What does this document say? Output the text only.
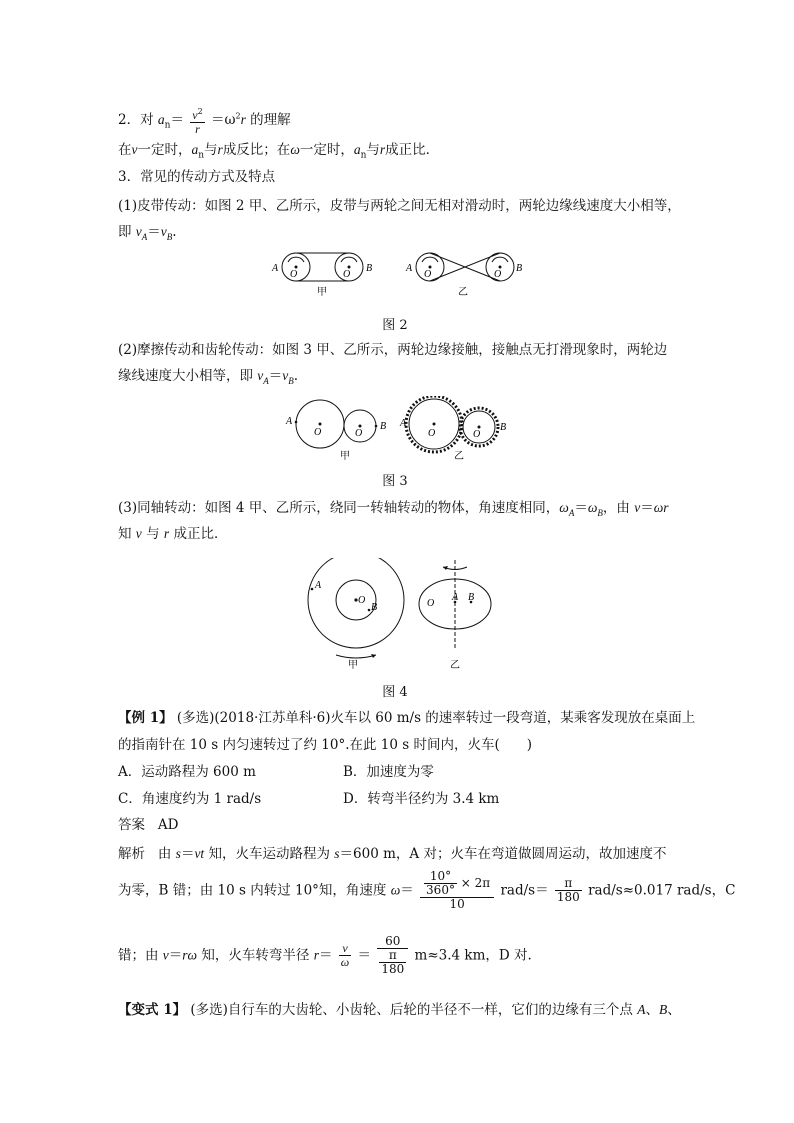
2．对 $a_n= \frac{v^2}{r} =\omega^2r$ 的理解
在v一定时，$a_n$与r成反比；在ω一定时，$a_n$与r成正比．
3．常见的传动方式及特点
(1)皮带传动：如图 2 甲、乙所示，皮带与两轮之间无相对滑动时，两轮边缘线速度大小相等，
即 $v_A=v_B$.
A	B
O	O
甲
A	B
O	O
乙
图 2
(2)摩擦传动和齿轮传动：如图 3 甲、乙所示，两轮边缘接触，接触点无打滑现象时，两轮边
缘线速度大小相等，即 $v_A=v_B$.
A	B
O	O
甲
A	B
O	O
乙
图 3
(3)同轴转动：如图 4 甲、乙所示，绕同一转轴转动的物体，角速度相同，$\omega_A=\omega_B$，由 v＝ωr
知 v 与 r 成正比．
O
A
B
甲
O
A B
乙
图 4
【例 1】 (多选)(2018·江苏单科·6)火车以 60 m/s 的速率转过一段弯道，某乘客发现放在桌面上
的指南针在 10 s 内匀速转过了约 10°.在此 10 s 时间内，火车(　　)
A．运动路程为 600 m	B．加速度为零
C．角速度约为 1 rad/s	D．转弯半径约为 3.4 km
答案 AD
解析 由 s＝vt 知，火车运动路程为 s＝600 m，A 对；火车在弯道做圆周运动，故加速度不
为零，B 错；由 10 s 内转过 10°知，角速度 $\omega= \frac{\frac{10^\circ}{360^\circ} \times 2\pi}{10} rad/s= \frac{\pi}{180} rad/s\approx 0.017$ rad/s，C
错；由 v＝rω 知，火车转弯半径 $r= \frac{v}{\omega} = \frac{60}{\frac{\pi}{180}} m\approx 3.4$ km，D 对.
【变式 1】 (多选)自行车的大齿轮、小齿轮、后轮的半径不一样，它们的边缘有三个点 A、B、
